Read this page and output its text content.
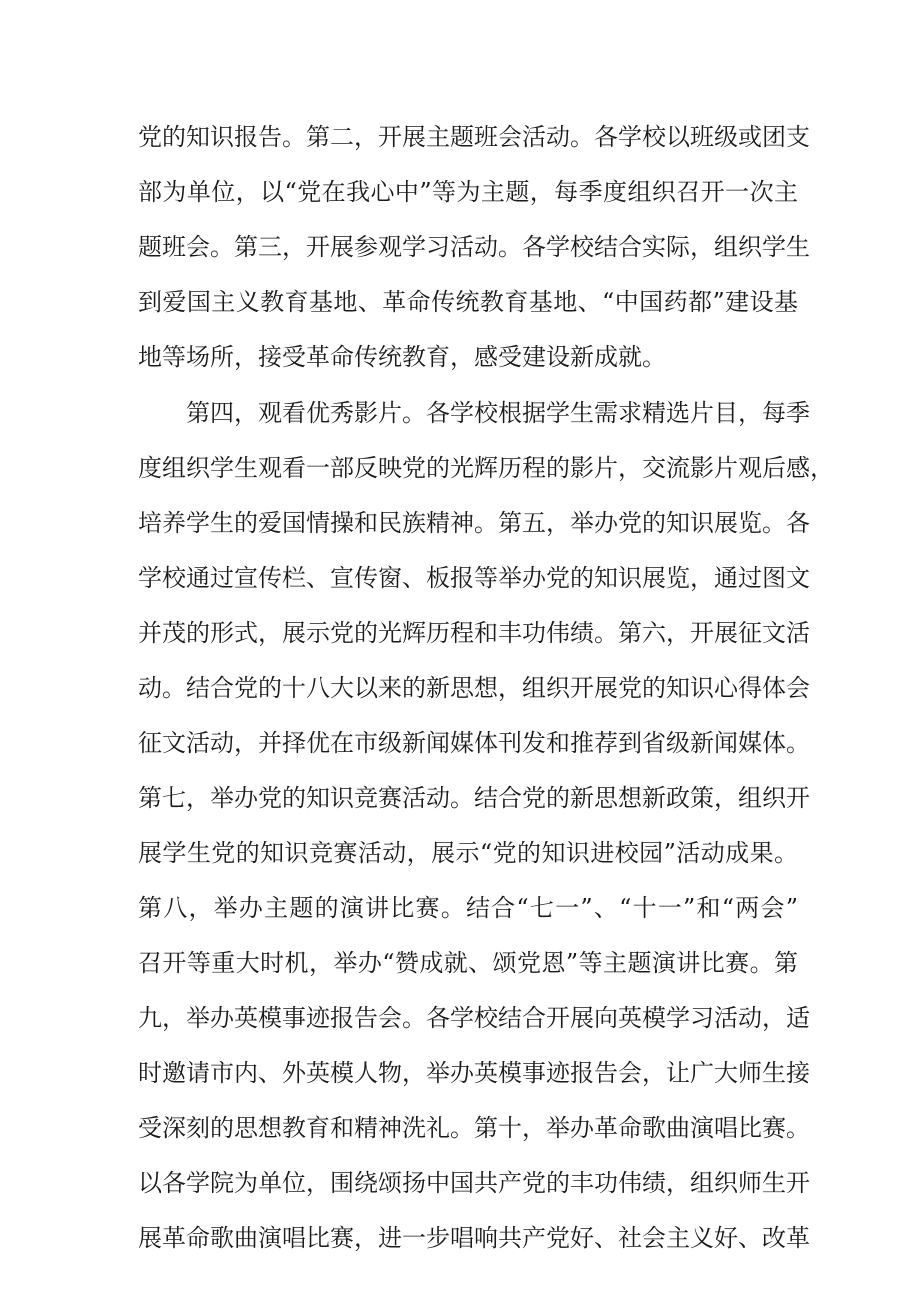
党的知识报告。第二，开展主题班会活动。各学校以班级或团支
部为单位，以“党在我心中”等为主题，每季度组织召开一次主
题班会。第三，开展参观学习活动。各学校结合实际，组织学生
到爱国主义教育基地、革命传统教育基地、“中国药都”建设基
地等场所，接受革命传统教育，感受建设新成就。
第四，观看优秀影片。各学校根据学生需求精选片目，每季
度组织学生观看一部反映党的光辉历程的影片，交流影片观后感，
培养学生的爱国情操和民族精神。第五，举办党的知识展览。各
学校通过宣传栏、宣传窗、板报等举办党的知识展览，通过图文
并茂的形式，展示党的光辉历程和丰功伟绩。第六，开展征文活
动。结合党的十八大以来的新思想，组织开展党的知识心得体会
征文活动，并择优在市级新闻媒体刊发和推荐到省级新闻媒体。
第七，举办党的知识竞赛活动。结合党的新思想新政策，组织开
展学生党的知识竞赛活动，展示“党的知识进校园”活动成果。
第八，举办主题的演讲比赛。结合“七一”、“十一”和“两会”
召开等重大时机，举办“赞成就、颂党恩”等主题演讲比赛。第
九，举办英模事迹报告会。各学校结合开展向英模学习活动，适
时邀请市内、外英模人物，举办英模事迹报告会，让广大师生接
受深刻的思想教育和精神洗礼。第十，举办革命歌曲演唱比赛。
以各学院为单位，围绕颂扬中国共产党的丰功伟绩，组织师生开
展革命歌曲演唱比赛，进一步唱响共产党好、社会主义好、改革
